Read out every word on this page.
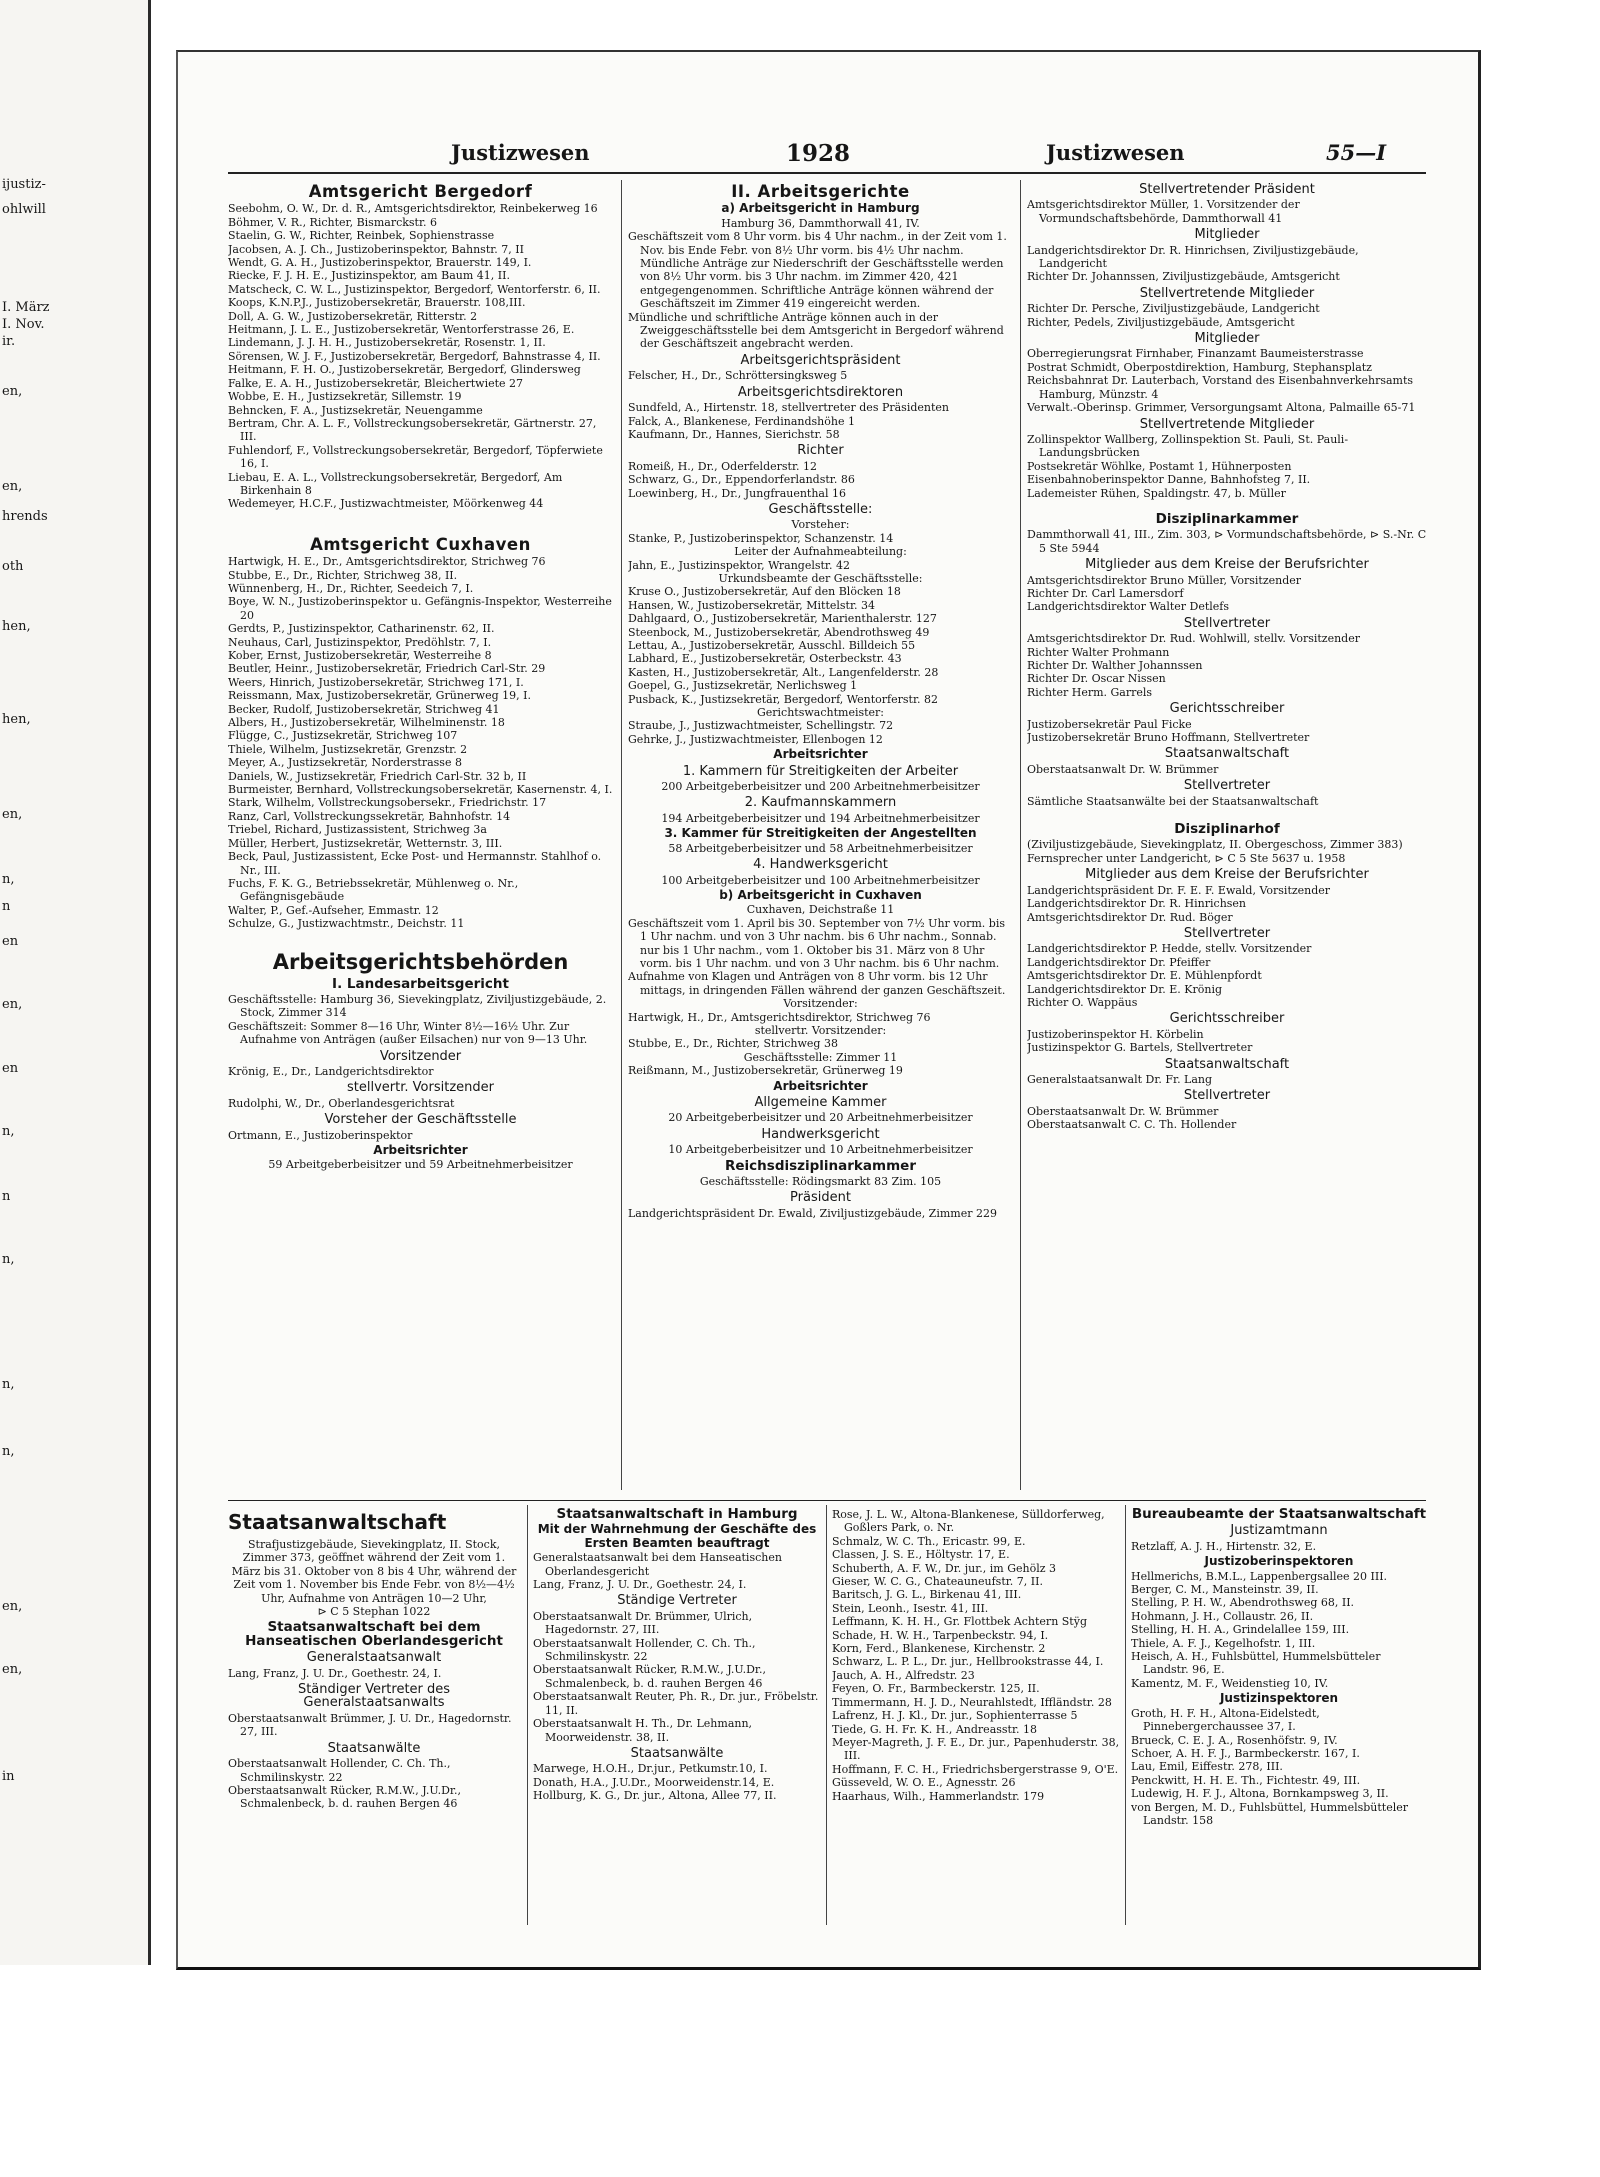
ijustiz-
ohlwill
I. März
I. Nov.
ir.
en,
en,
hrends
oth
hen,
hen,
en,
n,
n
en
en,
en
n,
n
n,
n,
n,
en,
en,
in
Justizwesen	1928	Justizwesen	55—I
Amtsgericht Bergedorf

Seebohm, O. W., Dr. d. R., Amtsgerichtsdirektor, Reinbekerweg 16

Böhmer, V. R., Richter, Bismarckstr. 6

Staelin, G. W., Richter, Reinbek, Sophienstrasse

Jacobsen, A. J. Ch., Justizoberinspektor, Bahnstr. 7, II

Wendt, G. A. H., Justizoberinspektor, Brauerstr. 149, I.

Riecke, F. J. H. E., Justizinspektor, am Baum 41, II.

Matscheck, C. W. L., Justizinspektor, Bergedorf, Wentorferstr. 6, II.

Koops, K.N.P.J., Justizobersekretär, Brauerstr. 108,III.

Doll, A. G. W., Justizobersekretär, Ritterstr. 2

Heitmann, J. L. E., Justizobersekretär, Wentorferstrasse 26, E.

Lindemann, J. J. H. H., Justizobersekretär, Rosenstr. 1, II.

Sörensen, W. J. F., Justizobersekretär, Bergedorf, Bahnstrasse 4, II.

Heitmann, F. H. O., Justizobersekretär, Bergedorf, Glindersweg

Falke, E. A. H., Justizobersekretär, Bleichertwiete 27

Wobbe, E. H., Justizsekretär, Sillemstr. 19

Behncken, F. A., Justizsekretär, Neuengamme

Bertram, Chr. A. L. F., Vollstreckungsobersekretär, Gärtnerstr. 27, III.

Fuhlendorf, F., Vollstreckungsobersekretär, Bergedorf, Töpferwiete 16, I.

Liebau, E. A. L., Vollstreckungsobersekretär, Bergedorf, Am Birkenhain 8

Wedemeyer, H.C.F., Justizwachtmeister, Möörkenweg 44

Amtsgericht Cuxhaven

Hartwigk, H. E., Dr., Amtsgerichtsdirektor, Strichweg 76

Stubbe, E., Dr., Richter, Strichweg 38, II.

Wünnenberg, H., Dr., Richter, Seedeich 7, I.

Boye, W. N., Justizoberinspektor u. Gefängnis-Inspektor, Westerreihe 20

Gerdts, P., Justizinspektor, Catharinenstr. 62, II.

Neuhaus, Carl, Justizinspektor, Predöhlstr. 7, I.

Kober, Ernst, Justizobersekretär, Westerreihe 8

Beutler, Heinr., Justizobersekretär, Friedrich Carl-Str. 29

Weers, Hinrich, Justizobersekretär, Strichweg 171, I.

Reissmann, Max, Justizobersekretär, Grünerweg 19, I.

Becker, Rudolf, Justizobersekretär, Strichweg 41

Albers, H., Justizobersekretär, Wilhelminenstr. 18

Flügge, C., Justizsekretär, Strichweg 107

Thiele, Wilhelm, Justizsekretär, Grenzstr. 2

Meyer, A., Justizsekretär, Norderstrasse 8

Daniels, W., Justizsekretär, Friedrich Carl-Str. 32 b, II

Burmeister, Bernhard, Vollstreckungsobersekretär, Kasernenstr. 4, I.

Stark, Wilhelm, Vollstreckungsobersekr., Friedrichstr. 17

Ranz, Carl, Vollstreckungssekretär, Bahnhofstr. 14

Triebel, Richard, Justizassistent, Strichweg 3a

Müller, Herbert, Justizsekretär, Wetternstr. 3, III.

Beck, Paul, Justizassistent, Ecke Post- und Hermannstr. Stahlhof o. Nr., III.

Fuchs, F. K. G., Betriebssekretär, Mühlenweg o. Nr., Gefängnisgebäude

Walter, P., Gef.-Aufseher, Emmastr. 12

Schulze, G., Justizwachtmstr., Deichstr. 11

Arbeitsgerichtsbehörden
I. Landesarbeitsgericht

Geschäftsstelle: Hamburg 36, Sievekingplatz, Ziviljustizgebäude, 2. Stock, Zimmer 314

Geschäftszeit: Sommer 8—16 Uhr, Winter 8½—16½ Uhr. Zur Aufnahme von Anträgen (außer Eilsachen) nur von 9—13 Uhr.

Vorsitzender

Krönig, E., Dr., Landgerichtsdirektor

stellvertr. Vorsitzender

Rudolphi, W., Dr., Oberlandesgerichtsrat

Vorsteher der Geschäftsstelle

Ortmann, E., Justizoberinspektor

Arbeitsrichter

59 Arbeitgeberbeisitzer und 59 Arbeitnehmerbeisitzer

II. Arbeitsgerichte
a) Arbeitsgericht in Hamburg

Hamburg 36, Dammthorwall 41, IV.

Geschäftszeit vom 8 Uhr vorm. bis 4 Uhr nachm., in der Zeit vom 1. Nov. bis Ende Febr. von 8½ Uhr vorm. bis 4½ Uhr nachm. Mündliche Anträge zur Niederschrift der Geschäftsstelle werden von 8½ Uhr vorm. bis 3 Uhr nachm. im Zimmer 420, 421 entgegengenommen. Schriftliche Anträge können während der Geschäftszeit im Zimmer 419 eingereicht werden.

Mündliche und schriftliche Anträge können auch in der Zweiggeschäftsstelle bei dem Amtsgericht in Bergedorf während der Geschäftszeit angebracht werden.

Arbeitsgerichtspräsident

Felscher, H., Dr., Schröttersingksweg 5

Arbeitsgerichtsdirektoren

Sundfeld, A., Hirtenstr. 18, stellvertreter des Präsidenten

Falck, A., Blankenese, Ferdinandshöhe 1

Kaufmann, Dr., Hannes, Sierichstr. 58

Richter

Romeiß, H., Dr., Oderfelderstr. 12

Schwarz, G., Dr., Eppendorferlandstr. 86

Loewinberg, H., Dr., Jungfrauenthal 16

Geschäftsstelle:

Vorsteher:

Stanke, P., Justizoberinspektor, Schanzenstr. 14

Leiter der Aufnahmeabteilung:

Jahn, E., Justizinspektor, Wrangelstr. 42

Urkundsbeamte der Geschäftsstelle:

Kruse O., Justizobersekretär, Auf den Blöcken 18

Hansen, W., Justizobersekretär, Mittelstr. 34

Dahlgaard, O., Justizobersekretär, Marienthalerstr. 127

Steenbock, M., Justizobersekretär, Abendrothsweg 49

Lettau, A., Justizobersekretär, Ausschl. Billdeich 55

Labhard, E., Justizobersekretär, Osterbeckstr. 43

Kasten, H., Justizobersekretär, Alt., Langenfelderstr. 28

Goepel, G., Justizsekretär, Nerlichsweg 1

Pusback, K., Justizsekretär, Bergedorf, Wentorferstr. 82

Gerichtswachtmeister:

Straube, J., Justizwachtmeister, Schellingstr. 72

Gehrke, J., Justizwachtmeister, Ellenbogen 12

Arbeitsrichter
1. Kammern für Streitigkeiten der Arbeiter

200 Arbeitgeberbeisitzer und 200 Arbeitnehmerbeisitzer

2. Kaufmannskammern

194 Arbeitgeberbeisitzer und 194 Arbeitnehmerbeisitzer

3. Kammer für Streitigkeiten der Angestellten

58 Arbeitgeberbeisitzer und 58 Arbeitnehmerbeisitzer

4. Handwerksgericht

100 Arbeitgeberbeisitzer und 100 Arbeitnehmerbeisitzer

b) Arbeitsgericht in Cuxhaven

Cuxhaven, Deichstraße 11

Geschäftszeit vom 1. April bis 30. September von 7½ Uhr vorm. bis 1 Uhr nachm. und von 3 Uhr nachm. bis 6 Uhr nachm., Sonnab. nur bis 1 Uhr nachm., vom 1. Oktober bis 31. März von 8 Uhr vorm. bis 1 Uhr nachm. und von 3 Uhr nachm. bis 6 Uhr nachm.

Aufnahme von Klagen und Anträgen von 8 Uhr vorm. bis 12 Uhr mittags, in dringenden Fällen während der ganzen Geschäftszeit.

Vorsitzender:

Hartwigk, H., Dr., Amtsgerichtsdirektor, Strichweg 76

stellvertr. Vorsitzender:

Stubbe, E., Dr., Richter, Strichweg 38

Geschäftsstelle: Zimmer 11

Reißmann, M., Justizobersekretär, Grünerweg 19

Arbeitsrichter
Allgemeine Kammer

20 Arbeitgeberbeisitzer und 20 Arbeitnehmerbeisitzer

Handwerksgericht

10 Arbeitgeberbeisitzer und 10 Arbeitnehmerbeisitzer

Reichsdisziplinarkammer

Geschäftsstelle: Rödingsmarkt 83 Zim. 105

Präsident

Landgerichtspräsident Dr. Ewald, Ziviljustizgebäude, Zimmer 229

Stellvertretender Präsident

Amtsgerichtsdirektor Müller, 1. Vorsitzender der Vormundschaftsbehörde, Dammthorwall 41

Mitglieder

Landgerichtsdirektor Dr. R. Hinrichsen, Ziviljustizgebäude, Landgericht

Richter Dr. Johannssen, Ziviljustizgebäude, Amtsgericht

Stellvertretende Mitglieder

Richter Dr. Persche, Ziviljustizgebäude, Landgericht

Richter, Pedels, Ziviljustizgebäude, Amtsgericht

Mitglieder

Oberregierungsrat Firnhaber, Finanzamt Baumeisterstrasse

Postrat Schmidt, Oberpostdirektion, Hamburg, Stephansplatz

Reichsbahnrat Dr. Lauterbach, Vorstand des Eisenbahnverkehrsamts Hamburg, Münzstr. 4

Verwalt.-Oberinsp. Grimmer, Versorgungsamt Altona, Palmaille 65-71

Stellvertretende Mitglieder

Zollinspektor Wallberg, Zollinspektion St. Pauli, St. Pauli-Landungsbrücken

Postsekretär Wöhlke, Postamt 1, Hühnerposten

Eisenbahnoberinspektor Danne, Bahnhofsteg 7, II.

Lademeister Rühen, Spaldingstr. 47, b. Müller

Disziplinarkammer

Dammthorwall 41, III., Zim. 303, ⊳ Vormundschaftsbehörde, ⊳ S.-Nr. C 5 Ste 5944

Mitglieder aus dem Kreise der Berufsrichter

Amtsgerichtsdirektor Bruno Müller, Vorsitzender

Richter Dr. Carl Lamersdorf

Landgerichtsdirektor Walter Detlefs

Stellvertreter

Amtsgerichtsdirektor Dr. Rud. Wohlwill, stellv. Vorsitzender

Richter Walter Prohmann

Richter Dr. Walther Johannssen

Richter Dr. Oscar Nissen

Richter Herm. Garrels

Gerichtsschreiber

Justizobersekretär Paul Ficke

Justizobersekretär Bruno Hoffmann, Stellvertreter

Staatsanwaltschaft

Oberstaatsanwalt Dr. W. Brümmer

Stellvertreter

Sämtliche Staatsanwälte bei der Staatsanwaltschaft

Disziplinarhof

(Ziviljustizgebäude, Sievekingplatz, II. Obergeschoss, Zimmer 383)

Fernsprecher unter Landgericht, ⊳ C 5 Ste 5637 u. 1958

Mitglieder aus dem Kreise der Berufsrichter

Landgerichtspräsident Dr. F. E. F. Ewald, Vorsitzender

Landgerichtsdirektor Dr. R. Hinrichsen

Amtsgerichtsdirektor Dr. Rud. Böger

Stellvertreter

Landgerichtsdirektor P. Hedde, stellv. Vorsitzender

Landgerichtsdirektor Dr. Pfeiffer

Amtsgerichtsdirektor Dr. E. Mühlenpfordt

Landgerichtsdirektor Dr. E. Krönig

Richter O. Wappäus

Gerichtsschreiber

Justizoberinspektor H. Körbelin

Justizinspektor G. Bartels, Stellvertreter

Staatsanwaltschaft

Generalstaatsanwalt Dr. Fr. Lang

Stellvertreter

Oberstaatsanwalt Dr. W. Brümmer

Oberstaatsanwalt C. C. Th. Hollender

Staatsanwaltschaft

Strafjustizgebäude, Sievekingplatz, II. Stock, Zimmer 373, geöffnet während der Zeit vom 1. März bis 31. Oktober von 8 bis 4 Uhr, während der Zeit vom 1. November bis Ende Febr. von 8½—4½ Uhr, Aufnahme von Anträgen 10—2 Uhr,

⊳ C 5 Stephan 1022

Staatsanwaltschaft bei dem Hanseatischen Oberlandesgericht
Generalstaatsanwalt

Lang, Franz, J. U. Dr., Goethestr. 24, I.

Ständiger Vertreter des Generalstaatsanwalts

Oberstaatsanwalt Brümmer, J. U. Dr., Hagedornstr. 27, III.

Staatsanwälte

Oberstaatsanwalt Hollender, C. Ch. Th., Schmilinskystr. 22

Oberstaatsanwalt Rücker, R.M.W., J.U.Dr., Schmalenbeck, b. d. rauhen Bergen 46

Staatsanwaltschaft in Hamburg
Mit der Wahrnehmung der Geschäfte des Ersten Beamten beauftragt

Generalstaatsanwalt bei dem Hanseatischen Oberlandesgericht

Lang, Franz, J. U. Dr., Goethestr. 24, I.

Ständige Vertreter

Oberstaatsanwalt Dr. Brümmer, Ulrich, Hagedornstr. 27, III.

Oberstaatsanwalt Hollender, C. Ch. Th., Schmilinskystr. 22

Oberstaatsanwalt Rücker, R.M.W., J.U.Dr., Schmalenbeck, b. d. rauhen Bergen 46

Oberstaatsanwalt Reuter, Ph. R., Dr. jur., Fröbelstr. 11, II.

Oberstaatsanwalt H. Th., Dr. Lehmann, Moorweidenstr. 38, II.

Staatsanwälte

Marwege, H.O.H., Dr.jur., Petkumstr.10, I.

Donath, H.A., J.U.Dr., Moorweidenstr.14, E.

Hollburg, K. G., Dr. jur., Altona, Allee 77, II.

Rose, J. L. W., Altona-Blankenese, Sülldorferweg, Goßlers Park, o. Nr.

Schmalz, W. C. Th., Ericastr. 99, E.

Classen, J. S. E., Höltystr. 17, E.

Schuberth, A. F. W., Dr. jur., im Gehölz 3

Gieser, W. C. G., Chateauneufstr. 7, II.

Baritsch, J. G. L., Birkenau 41, III.

Stein, Leonh., Isestr. 41, III.

Leffmann, K. H. H., Gr. Flottbek Achtern Stÿg

Schade, H. W. H., Tarpenbeckstr. 94, I.

Korn, Ferd., Blankenese, Kirchenstr. 2

Schwarz, L. P. L., Dr. jur., Hellbrookstrasse 44, I.

Jauch, A. H., Alfredstr. 23

Feyen, O. Fr., Barmbeckerstr. 125, II.

Timmermann, H. J. D., Neurahlstedt, Iffländstr. 28

Lafrenz, H. J. Kl., Dr. jur., Sophienterrasse 5

Tiede, G. H. Fr. K. H., Andreasstr. 18

Meyer-Magreth, J. F. E., Dr. jur., Papenhuderstr. 38, III.

Hoffmann, F. C. H., Friedrichsbergerstrasse 9, O'E.

Güsseveld, W. O. E., Agnesstr. 26

Haarhaus, Wilh., Hammerlandstr. 179

Bureaubeamte der Staatsanwaltschaft
Justizamtmann

Retzlaff, A. J. H., Hirtenstr. 32, E.

Justizoberinspektoren

Hellmerichs, B.M.L., Lappenbergsallee 20 III.

Berger, C. M., Mansteinstr. 39, II.

Stelling, P. H. W., Abendrothsweg 68, II.

Hohmann, J. H., Collaustr. 26, II.

Stelling, H. H. A., Grindelallee 159, III.

Thiele, A. F. J., Kegelhofstr. 1, III.

Heisch, A. H., Fuhlsbüttel, Hummelsbütteler Landstr. 96, E.

Kamentz, M. F., Weidenstieg 10, IV.

Justizinspektoren

Groth, H. F. H., Altona-Eidelstedt, Pinnebergerchaussee 37, I.

Brueck, C. E. J. A., Rosenhöfstr. 9, IV.

Schoer, A. H. F. J., Barmbeckerstr. 167, I.

Lau, Emil, Eiffestr. 278, III.

Penckwitt, H. H. E. Th., Fichtestr. 49, III.

Ludewig, H. F. J., Altona, Bornkampsweg 3, II.

von Bergen, M. D., Fuhlsbüttel, Hummelsbütteler Landstr. 158
